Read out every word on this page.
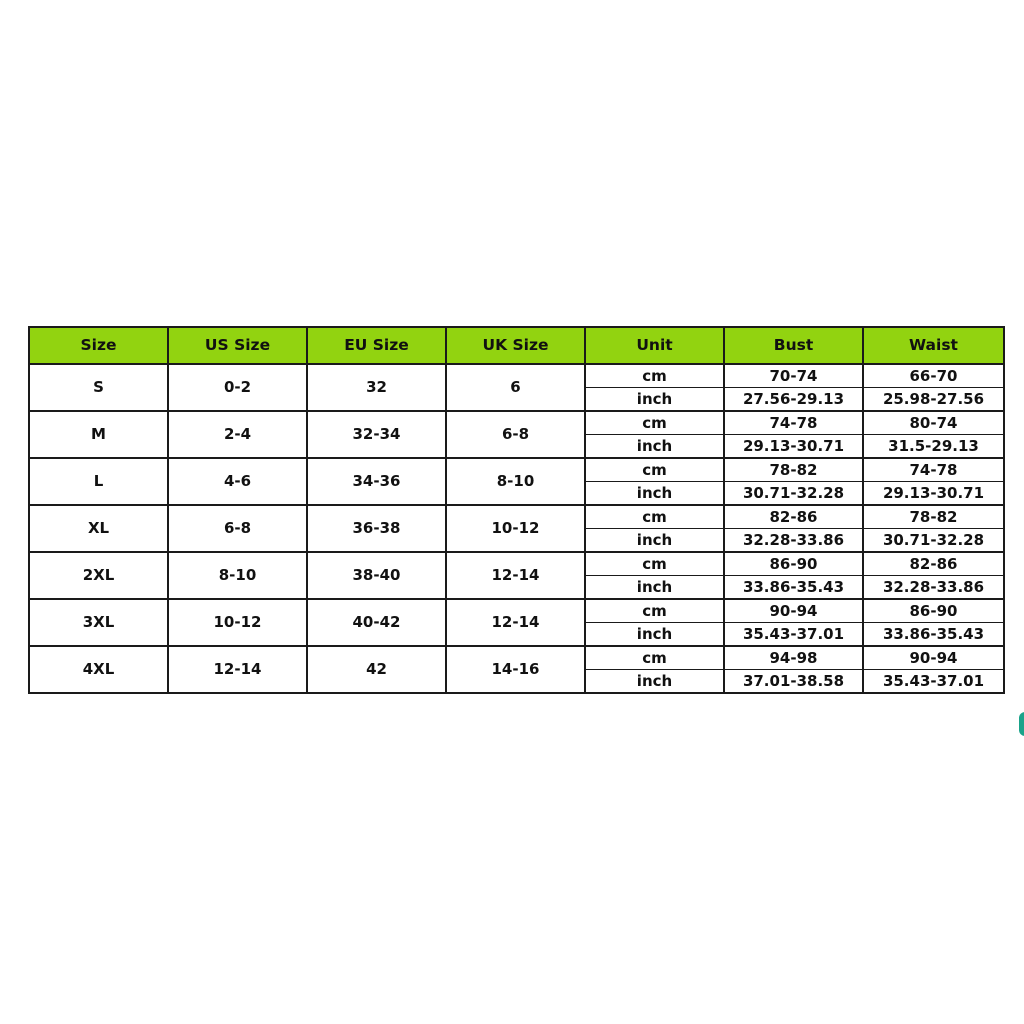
Size	US Size	EU Size	UK Size	Unit	Bust	Waist
S	0-2	32	6	cm	70-74	66-70
				inch	27.56-29.13	25.98-27.56
M	2-4	32-34	6-8	cm	74-78	80-74
				inch	29.13-30.71	31.5-29.13
L	4-6	34-36	8-10	cm	78-82	74-78
				inch	30.71-32.28	29.13-30.71
XL	6-8	36-38	10-12	cm	82-86	78-82
				inch	32.28-33.86	30.71-32.28
2XL	8-10	38-40	12-14	cm	86-90	82-86
				inch	33.86-35.43	32.28-33.86
3XL	10-12	40-42	12-14	cm	90-94	86-90
				inch	35.43-37.01	33.86-35.43
4XL	12-14	42	14-16	cm	94-98	90-94
				inch	37.01-38.58	35.43-37.01
